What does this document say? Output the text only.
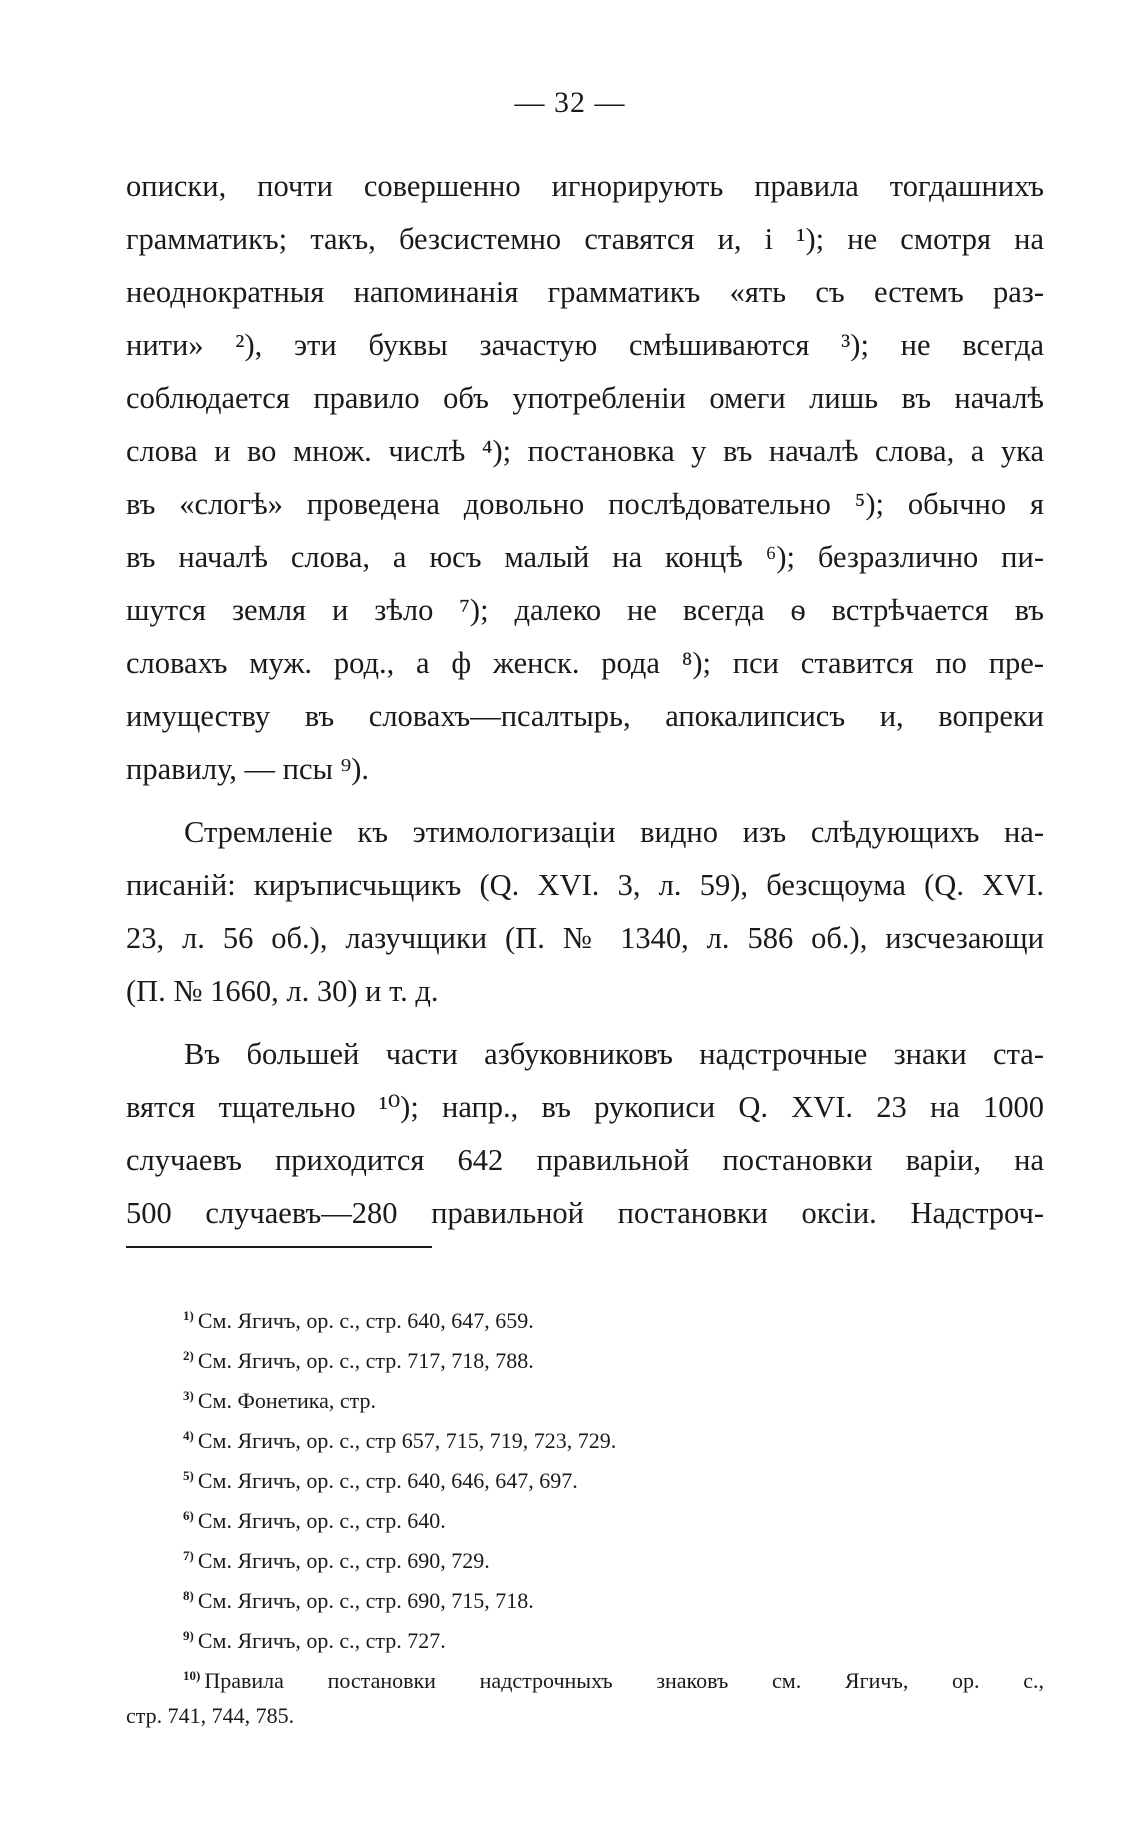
— 32 —
описки, почти совершенно игнорирують правила тогдашнихъ
грамматикъ; такъ, безсистемно ставятся и, і ¹); не смотря на
неоднократныя напоминанія грамматикъ «ять съ естемъ раз-
нити» ²), эти буквы зачастую смѣшиваются ³); не всегда
соблюдается правило объ употребленіи омеги лишь въ началѣ
слова и во множ. числѣ ⁴); постановка у въ началѣ слова, а ука
въ «слогѣ» проведена довольно послѣдовательно ⁵); обычно я
въ началѣ слова, а юсъ малый на концѣ ⁶); безразлично пи-
шутся земля и зѣло ⁷); далеко не всегда ѳ встрѣчается въ
словахъ муж. род., а ф женск. рода ⁸); пси ставится по пре-
имуществу въ словахъ—псалтырь, апокалипсисъ и, вопреки
правилу, — псы ⁹).
Стремленіе къ этимологизаціи видно изъ слѣдующихъ на-
писаній: киръписчьщикъ (Q. XVI. 3, л. 59), безсщоума (Q. XVI.
23, л. 56 об.), лазучщики (П. № 1340, л. 586 об.), изсчезающи
(П. № 1660, л. 30) и т. д.
Въ большей части азбуковниковъ надстрочные знаки ста-
вятся тщательно ¹⁰); напр., въ рукописи Q. XVI. 23 на 1000
случаевъ приходится 642 правильной постановки варіи, на
500 случаевъ—280 правильной постановки оксіи. Надстроч-
$^{1)}$ См. Ягичъ, ор. с., стр. 640, 647, 659.
$^{2)}$ См. Ягичъ, ор. с., стр. 717, 718, 788.
$^{3)}$ См. Фонетика, стр.
$^{4)}$ См. Ягичъ, ор. с., стр 657, 715, 719, 723, 729.
$^{5)}$ См. Ягичъ, ор. с., стр. 640, 646, 647, 697.
$^{6)}$ См. Ягичъ, ор. с., стр. 640.
$^{7)}$ См. Ягичъ, ор. с., стр. 690, 729.
$^{8)}$ См. Ягичъ, ор. с., стр. 690, 715, 718.
$^{9)}$ См. Ягичъ, ор. с., стр. 727.
$^{10)}$ Правила постановки надстрочныхъ знаковъ см. Ягичъ, ор. с.,
стр. 741, 744, 785.
